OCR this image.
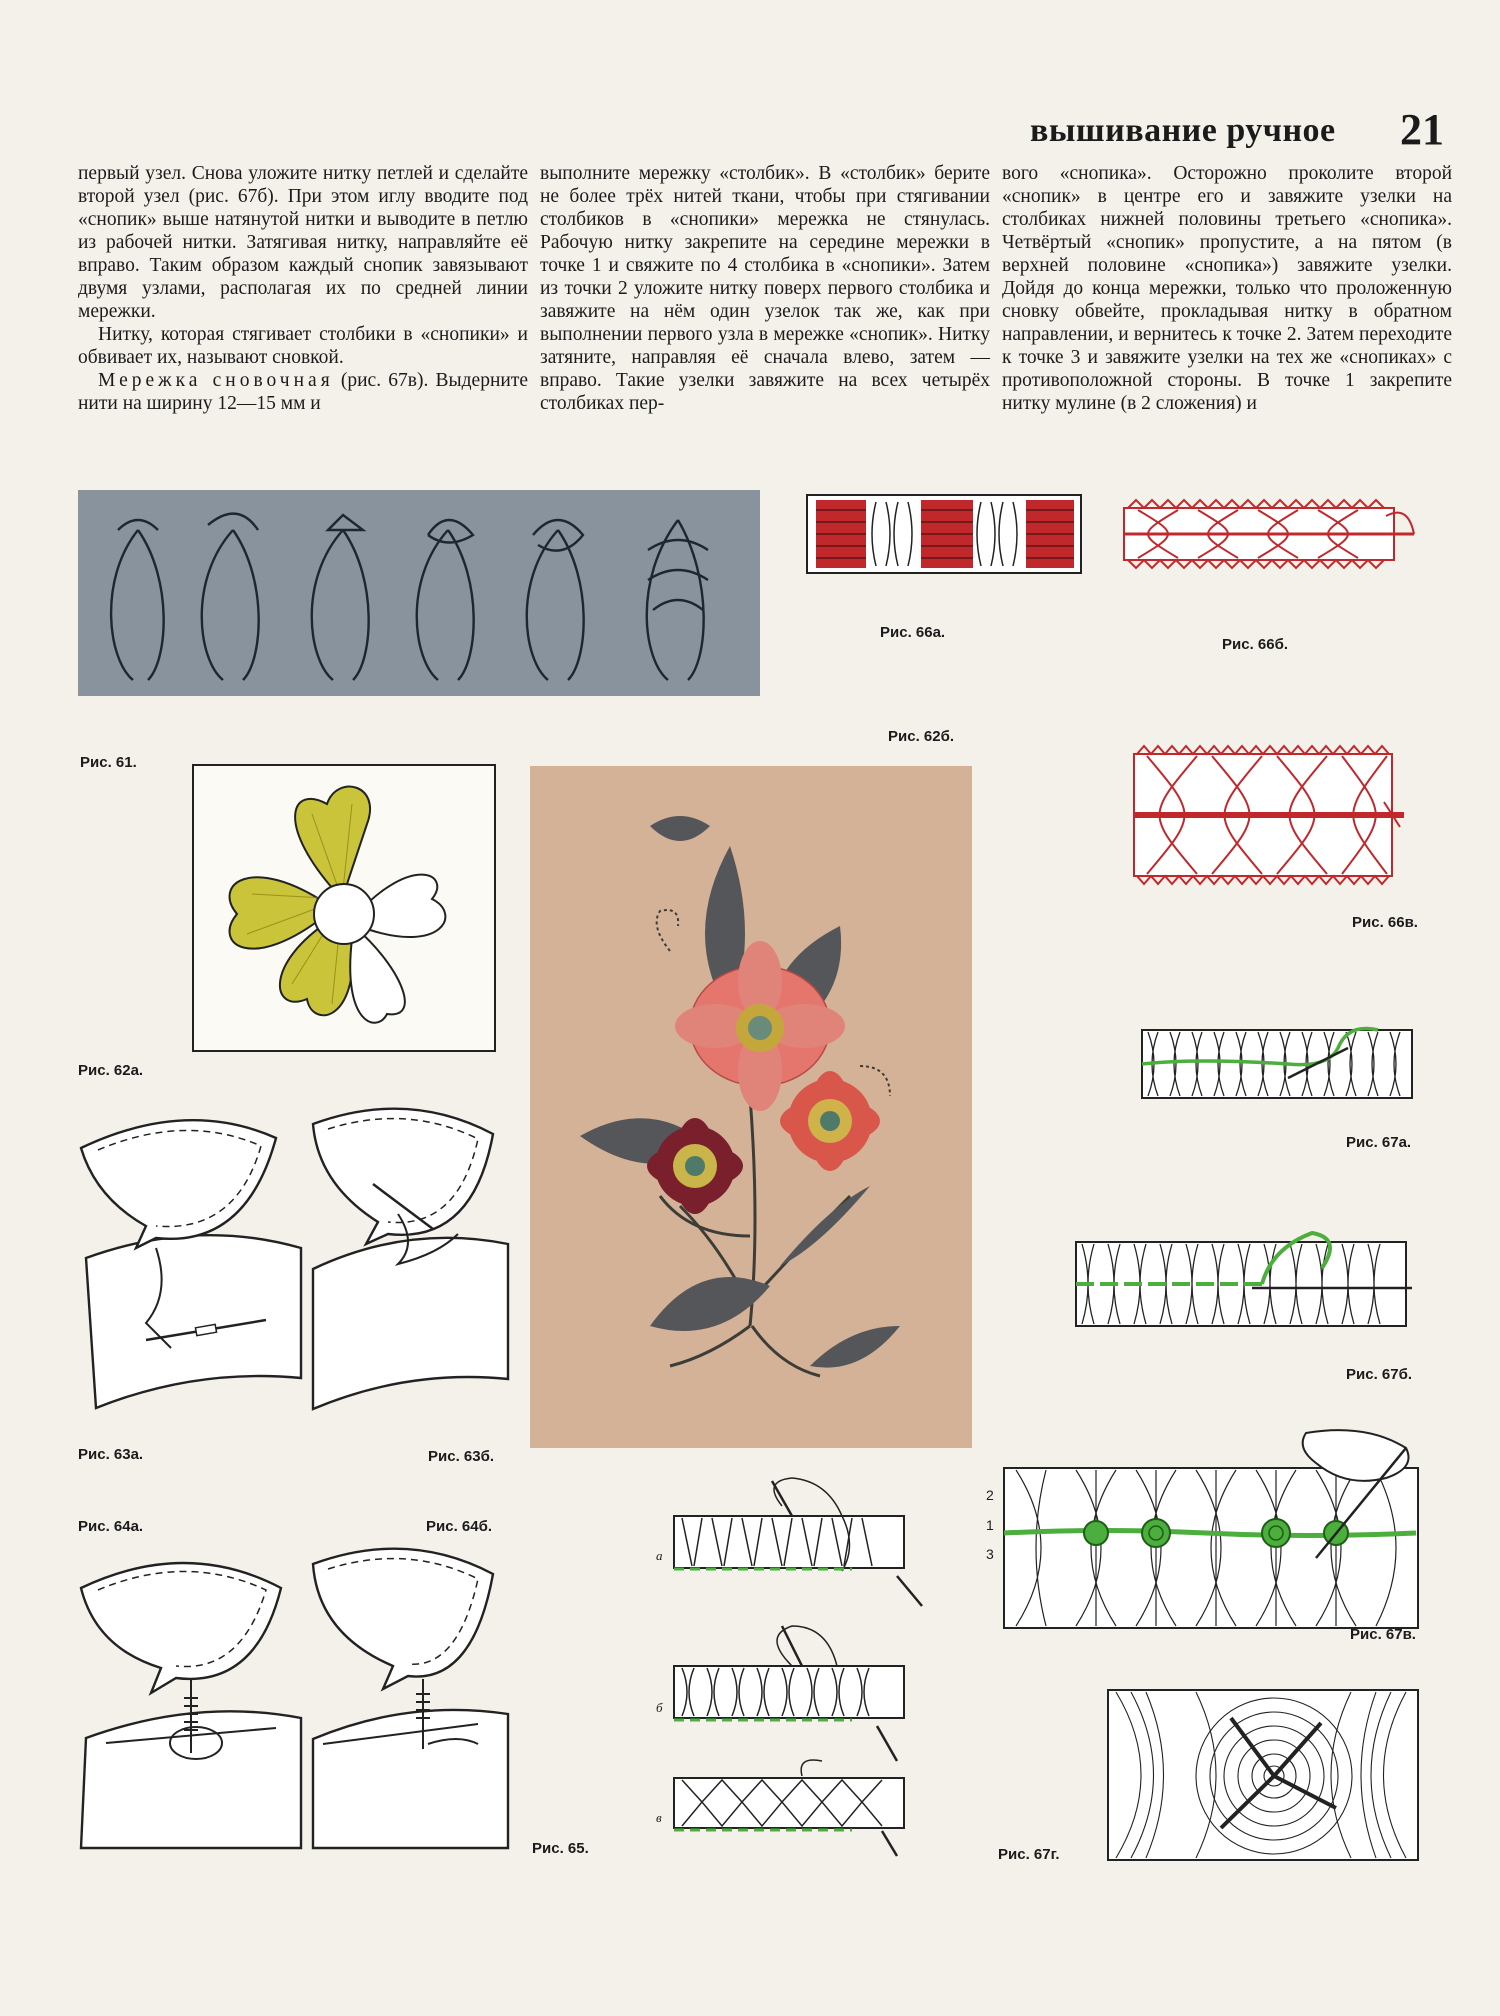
вышивание ручное 21

первый узел. Снова уложите нитку петлей и сделайте второй узел (рис. 67б). При этом иглу вводите под «снопик» выше натянутой нитки и выводите в петлю из рабочей нитки. Затягивая нитку, направляйте её вправо. Таким образом каждый снопик завязывают двумя узлами, располагая их по средней линии мережки.

Нитку, которая стягивает столбики в «снопики» и обвивает их, называют сновкой.

Мережка сновочная (рис. 67в). Выдерните нити на ширину 12—15 мм и

выполните мережку «столбик». В «столбик» берите не более трёх нитей ткани, чтобы при стягивании столбиков в «снопики» мережка не стянулась. Рабочую нитку закрепите на середине мережки в точке 1 и свяжите по 4 столбика в «снопики». Затем из точки 2 уложите нитку поверх первого столбика и завяжите на нём один узелок так же, как при выполнении первого узла в мережке «снопик». Нитку затяните, направляя её сначала влево, затем — вправо. Такие узелки завяжите на всех четырёх столбиках пер-

вого «снопика». Осторожно проколите второй «снопик» в центре его и завяжите узелки на столбиках нижней половины третьего «снопика». Четвёртый «снопик» пропустите, а на пятом (в верхней половине «снопика») завяжите узелки. Дойдя до конца мережки, только что проложенную сновку обвейте, прокладывая нитку в обратном направлении, и вернитесь к точке 2. Затем переходите к точке 3 и завяжите узелки на тех же «снопиках» с противоположной стороны. В точке 1 закрепите нитку мулине (в 2 сложения) и

2
1
3
Рис. 61.
Рис. 62а.
Рис. 62б.
Рис. 63а.	Рис. 63б.
Рис. 64а.	Рис. 64б.
Рис. 65.
Рис. 66а.
Рис. 66б.
Рис. 66в.
Рис. 67а.
Рис. 67б.
Рис. 67в.
Рис. 67г.
а
б
в
